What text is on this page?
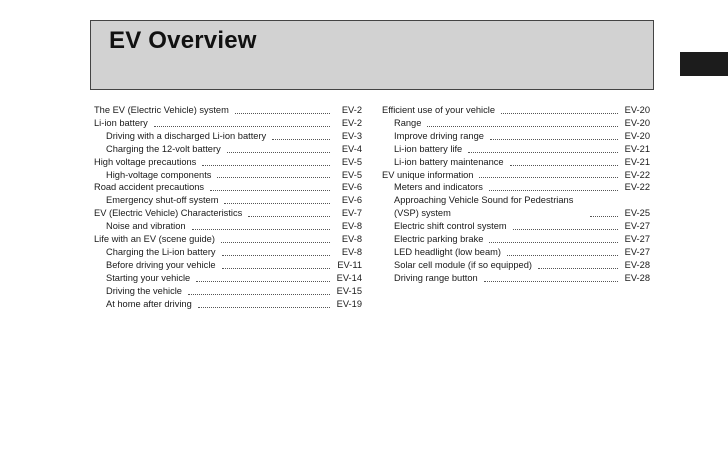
EV Overview
The EV (Electric Vehicle) system	EV-2
Li-ion battery	EV-2
Driving with a discharged Li-ion battery	EV-3
Charging the 12-volt battery	EV-4
High voltage precautions	EV-5
High-voltage components	EV-5
Road accident precautions	EV-6
Emergency shut-off system	EV-6
EV (Electric Vehicle) Characteristics	EV-7
Noise and vibration	EV-8
Life with an EV (scene guide)	EV-8
Charging the Li-ion battery	EV-8
Before driving your vehicle	EV-11
Starting your vehicle	EV-14
Driving the vehicle	EV-15
At home after driving	EV-19
Efficient use of your vehicle	EV-20
Range	EV-20
Improve driving range	EV-20
Li-ion battery life	EV-21
Li-ion battery maintenance	EV-21
EV unique information	EV-22
Meters and indicators	EV-22
Approaching Vehicle Sound for Pedestrians (VSP) system	EV-25
Electric shift control system	EV-27
Electric parking brake	EV-27
LED headlight (low beam)	EV-27
Solar cell module (if so equipped)	EV-28
Driving range button	EV-28
